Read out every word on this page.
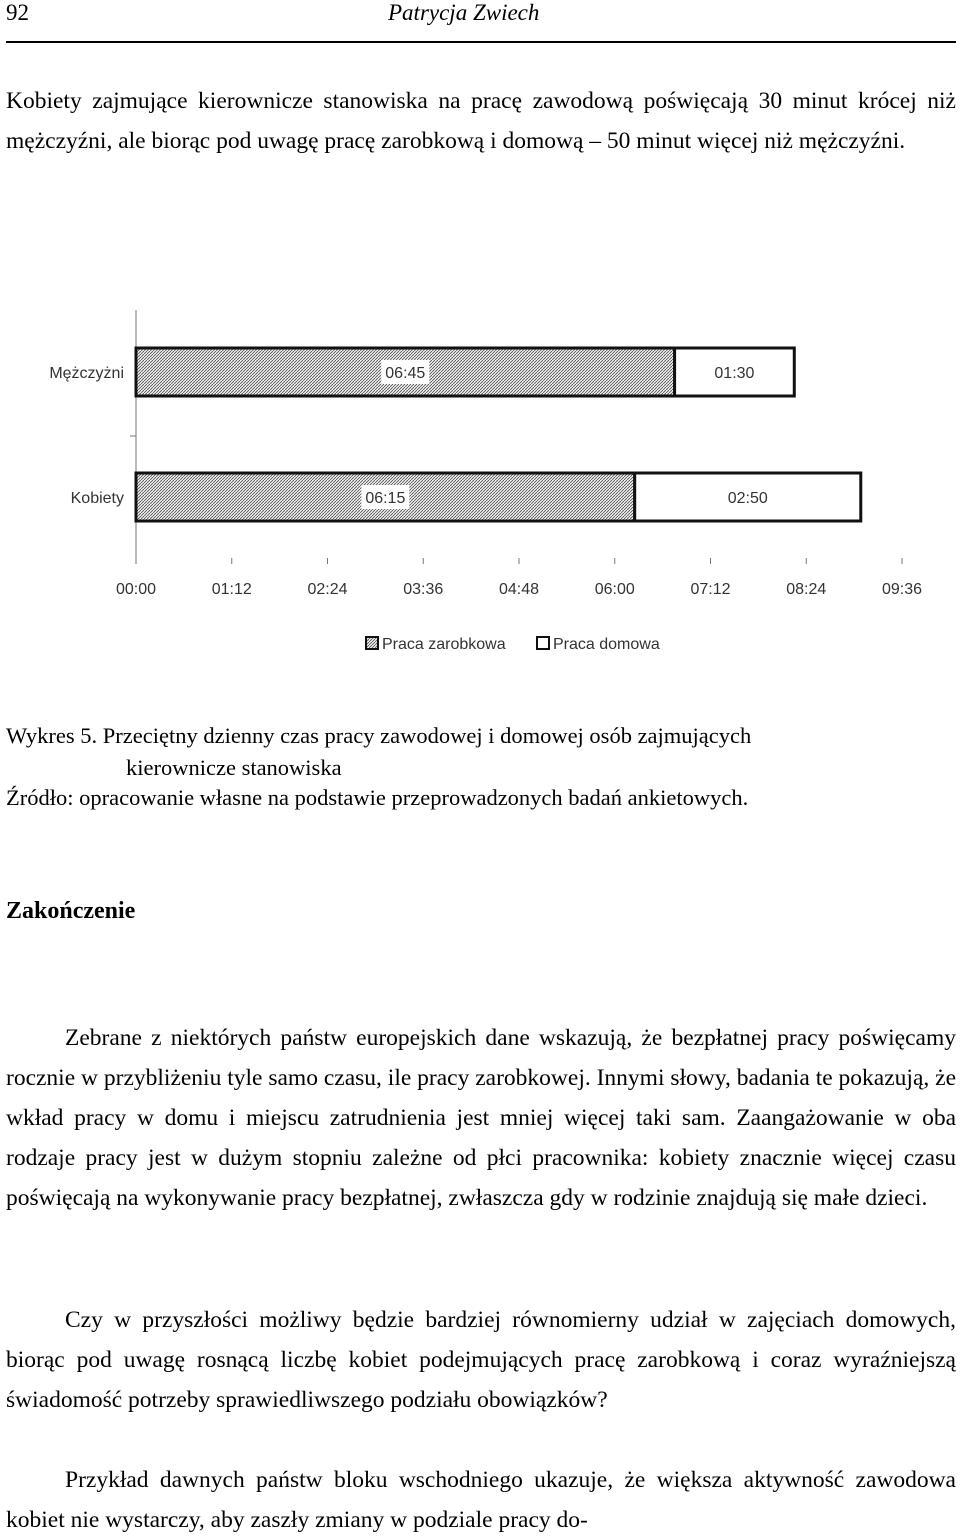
92	Patrycja Zwiech

Kobiety zajmujące kierownicze stanowiska na pracę zawodową poświęcają 30 minut krócej niż mężczyźni, ale biorąc pod uwagę pracę zarobkową i domową – 50 minut więcej niż mężczyźni.

00:00	01:12	02:24	03:36	04:48	06:00	07:12	08:24	09:36
Mężczyżni	06:45	01:30
Kobiety	06:15	02:50
Praca zarobkowa	Praca domowa

Wykres 5. Przeciętny dzienny czas pracy zawodowej i domowej osób zajmujących
kierownicze stanowiska

Źródło: opracowanie własne na podstawie przeprowadzonych badań ankietowych.
Zakończenie

Zebrane z niektórych państw europejskich dane wskazują, że bezpłatnej pracy poświęcamy rocznie w przybliżeniu tyle samo czasu, ile pracy zarobkowej. Innymi słowy, badania te pokazują, że wkład pracy w domu i miejscu zatrudnienia jest mniej więcej taki sam. Zaangażowanie w oba rodzaje pracy jest w dużym stopniu zależne od płci pracownika: kobiety znacznie więcej czasu poświęcają na wykonywanie pracy bezpłatnej, zwłaszcza gdy w rodzinie znajdują się małe dzieci.

Czy w przyszłości możliwy będzie bardziej równomierny udział w zajęciach domowych, biorąc pod uwagę rosnącą liczbę kobiet podejmujących pracę zarobkową i coraz wyraźniejszą świadomość potrzeby sprawiedliwszego podziału obowiązków?

Przykład dawnych państw bloku wschodniego ukazuje, że większa aktywność zawodowa kobiet nie wystarczy, aby zaszły zmiany w podziale pracy do-
